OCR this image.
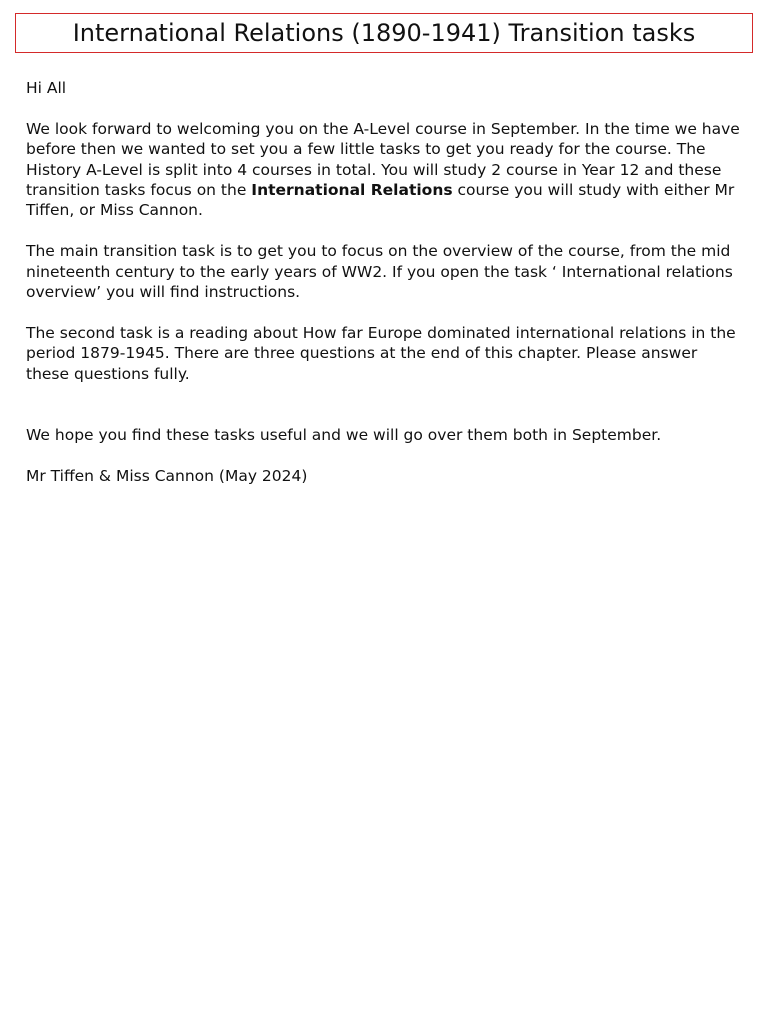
International Relations (1890-1941) Transition tasks

Hi All

We look forward to welcoming you on the A-Level course in September. In the time we have before then we wanted to set you a few little tasks to get you ready for the course. The History A-Level is split into 4 courses in total. You will study 2 course in Year 12 and these transition tasks focus on the International Relations course you will study with either Mr Tiffen, or Miss Cannon.

The main transition task is to get you to focus on the overview of the course, from the mid nineteenth century to the early years of WW2. If you open the task ‘ International relations overview’ you will find instructions.

The second task is a reading about How far Europe dominated international relations in the period 1879-1945. There are three questions at the end of this chapter. Please answer these questions fully.

We hope you find these tasks useful and we will go over them both in September.

Mr Tiffen & Miss Cannon (May 2024)
